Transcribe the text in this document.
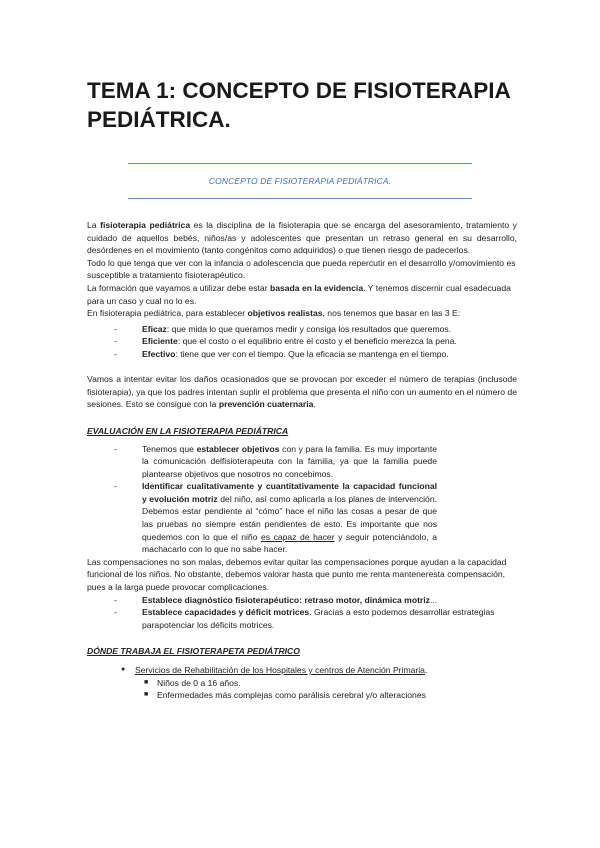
TEMA 1: CONCEPTO DE FISIOTERAPIA PEDIÁTRICA.
CONCEPTO DE FISIOTERAPIA PEDIÁTRICA.

La fisioterapia pediátrica es la disciplina de la fisioterapia que se encarga del asesoramiento, tratamiento y cuidado de aquellos bebés, niños/as y adolescentes que presentan un retraso general en su desarrollo, desórdenes en el movimiento (tanto congénitos como adquiridos) o que tienen riesgo de padecerlos.

Todo lo que tenga que ver con la infancia o adolescencia que pueda repercutir en el desarrollo y/omovimiento es susceptible a tratamiento fisioterapéutico.

La formación que vayamos a utilizar debe estar basada en la evidencia. Y tenemos discernir cual esadecuada para un caso y cual no lo es.

En fisioterapia pediátrica, para establecer objetivos realistas, nos tenemos que basar en las 3 E:

- Eficaz: que mida lo que queramos medir y consiga los resultados que queremos.
- Eficiente: que el costo o el equilibrio entre el costo y el beneficio merezca la pena.
- Efectivo: tiene que ver con el tiempo. Que la eficacia se mantenga en el tiempo.

Vamos a intentar evitar los daños ocasionados que se provocan por exceder el número de terapias (inclusode fisioterapia), ya que los padres intentan suplir el problema que presenta el niño con un aumento en el número de sesiones. Esto se consigue con la prevención cuaternaria.

EVALUACIÓN EN LA FISIOTERAPIA PEDIÁTRICA

- Tenemos que establecer objetivos con y para la familia. Es muy importante la comunicación delfisioterapeuta con la familia, ya que la familia puede plantearse objetivos que nosotros no concebimos.
- Identificar cualitativamente y cuantitativamente la capacidad funcional y evolución motriz del niño, así como aplicarla a los planes de intervención. Debemos estar pendiente al “cómo” hace el niño las cosas a pesar de que las pruebas no siempre están pendientes de esto. Es importante que nos quedemos con lo que el niño es capaz de hacer y seguir potenciándolo, a machacarlo con lo que no sabe hacer.

Las compensaciones no son malas, debemos evitar quitar las compensaciones porque ayudan a la capacidad funcional de los niños. No obstante, debemos valorar hasta que punto me renta mantenerestа compensación, pues a la larga puede provocar complicaciones.

- Establece diagnóstico fisioterapéutico: retraso motor, dinámica motriz...
- Establece capacidades y déficit motrices. Gracias a esto podemos desarrollar estrategias parapotenciar los déficits motrices.

DÓNDE TRABAJA EL FISIOTERAPETA PEDIÁTRICO

● Servicios de Rehabilitación de los Hospitales y centros de Atención Primaria.
■ Niños de 0 a 16 años.
■ Enfermedades más complejas como parálisis cerebral y/o alteraciones
